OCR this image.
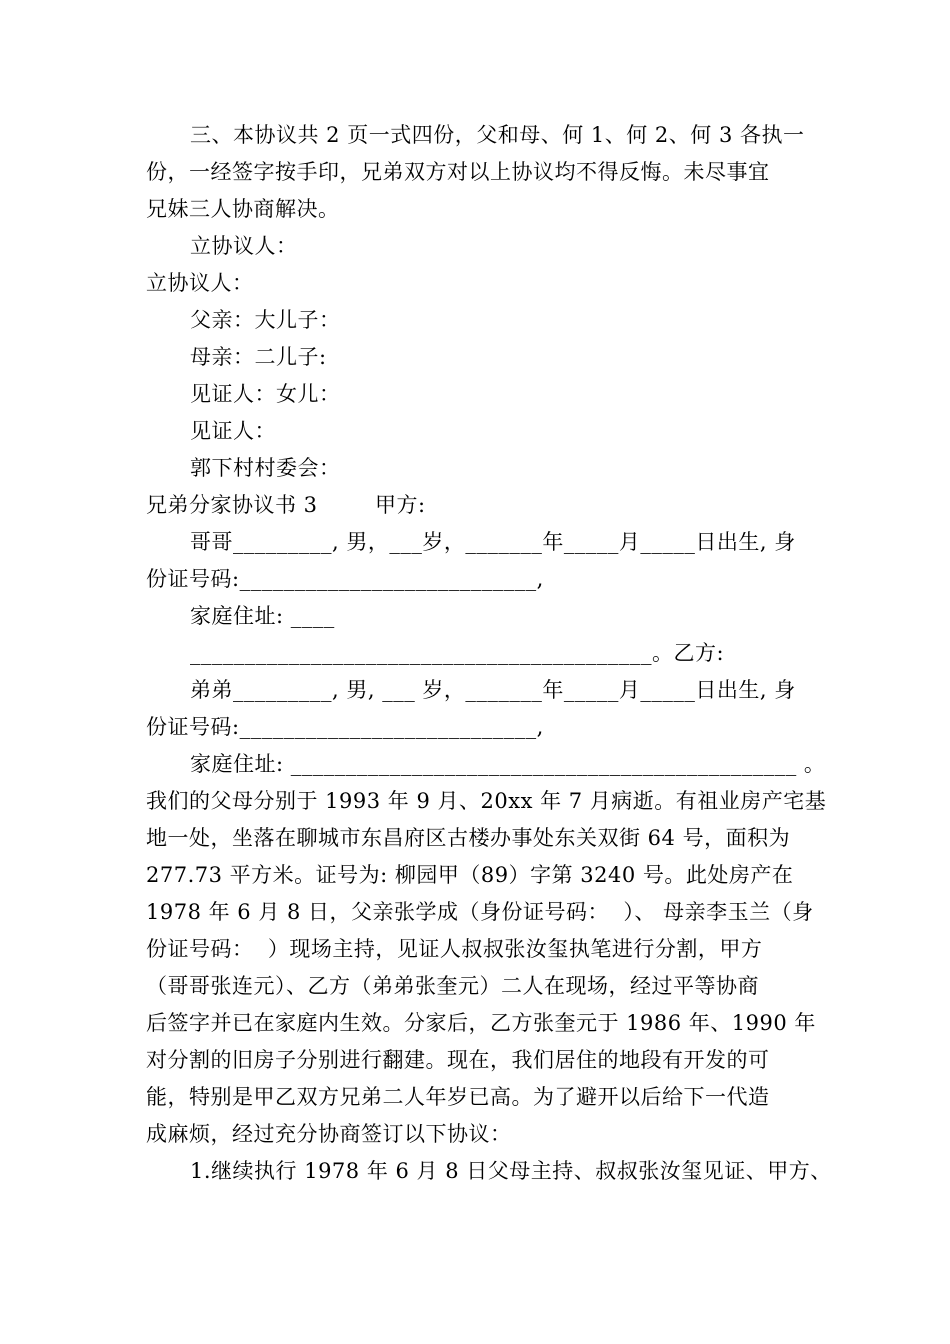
三、本协议共 2 页一式四份，父和母、何 1、何 2、何 3 各执一
份，一经签字按手印，兄弟双方对以上协议均不得反悔。未尽事宜
兄妹三人协商解决。
立协议人：
立协议人：
父亲：大儿子：
母亲：二儿子:
见证人：女儿：
见证人：
郭下村村委会：
兄弟分家协议书 3        甲方:
哥哥_________, 男，___岁，_______年_____月_____日出生, 身
份证号码:___________________________,
家庭住址: ____
__________________________________________。乙方:
弟弟_________, 男, ___ 岁，_______年_____月_____日出生, 身
份证号码:___________________________,
家庭住址: ______________________________________________ 。
我们的父母分别于 1993 年 9 月、20xx 年 7 月病逝。有祖业房产宅基
地一处，坐落在聊城市东昌府区古楼办事处东关双街 64 号，面积为
277.73 平方米。证号为: 柳园甲（89）字第 3240 号。此处房产在
1978 年 6 月 8 日，父亲张学成（身份证号码：  ）、 母亲李玉兰（身
份证号码：  ）现场主持，见证人叔叔张汝玺执笔进行分割，甲方
（哥哥张连元）、乙方（弟弟张奎元）二人在现场，经过平等协商
后签字并已在家庭内生效。分家后，乙方张奎元于 1986 年、1990 年
对分割的旧房子分别进行翻建。现在，我们居住的地段有开发的可
能，特别是甲乙双方兄弟二人年岁已高。为了避开以后给下一代造
成麻烦，经过充分协商签订以下协议：
1.继续执行 1978 年 6 月 8 日父母主持、叔叔张汝玺见证、甲方、
